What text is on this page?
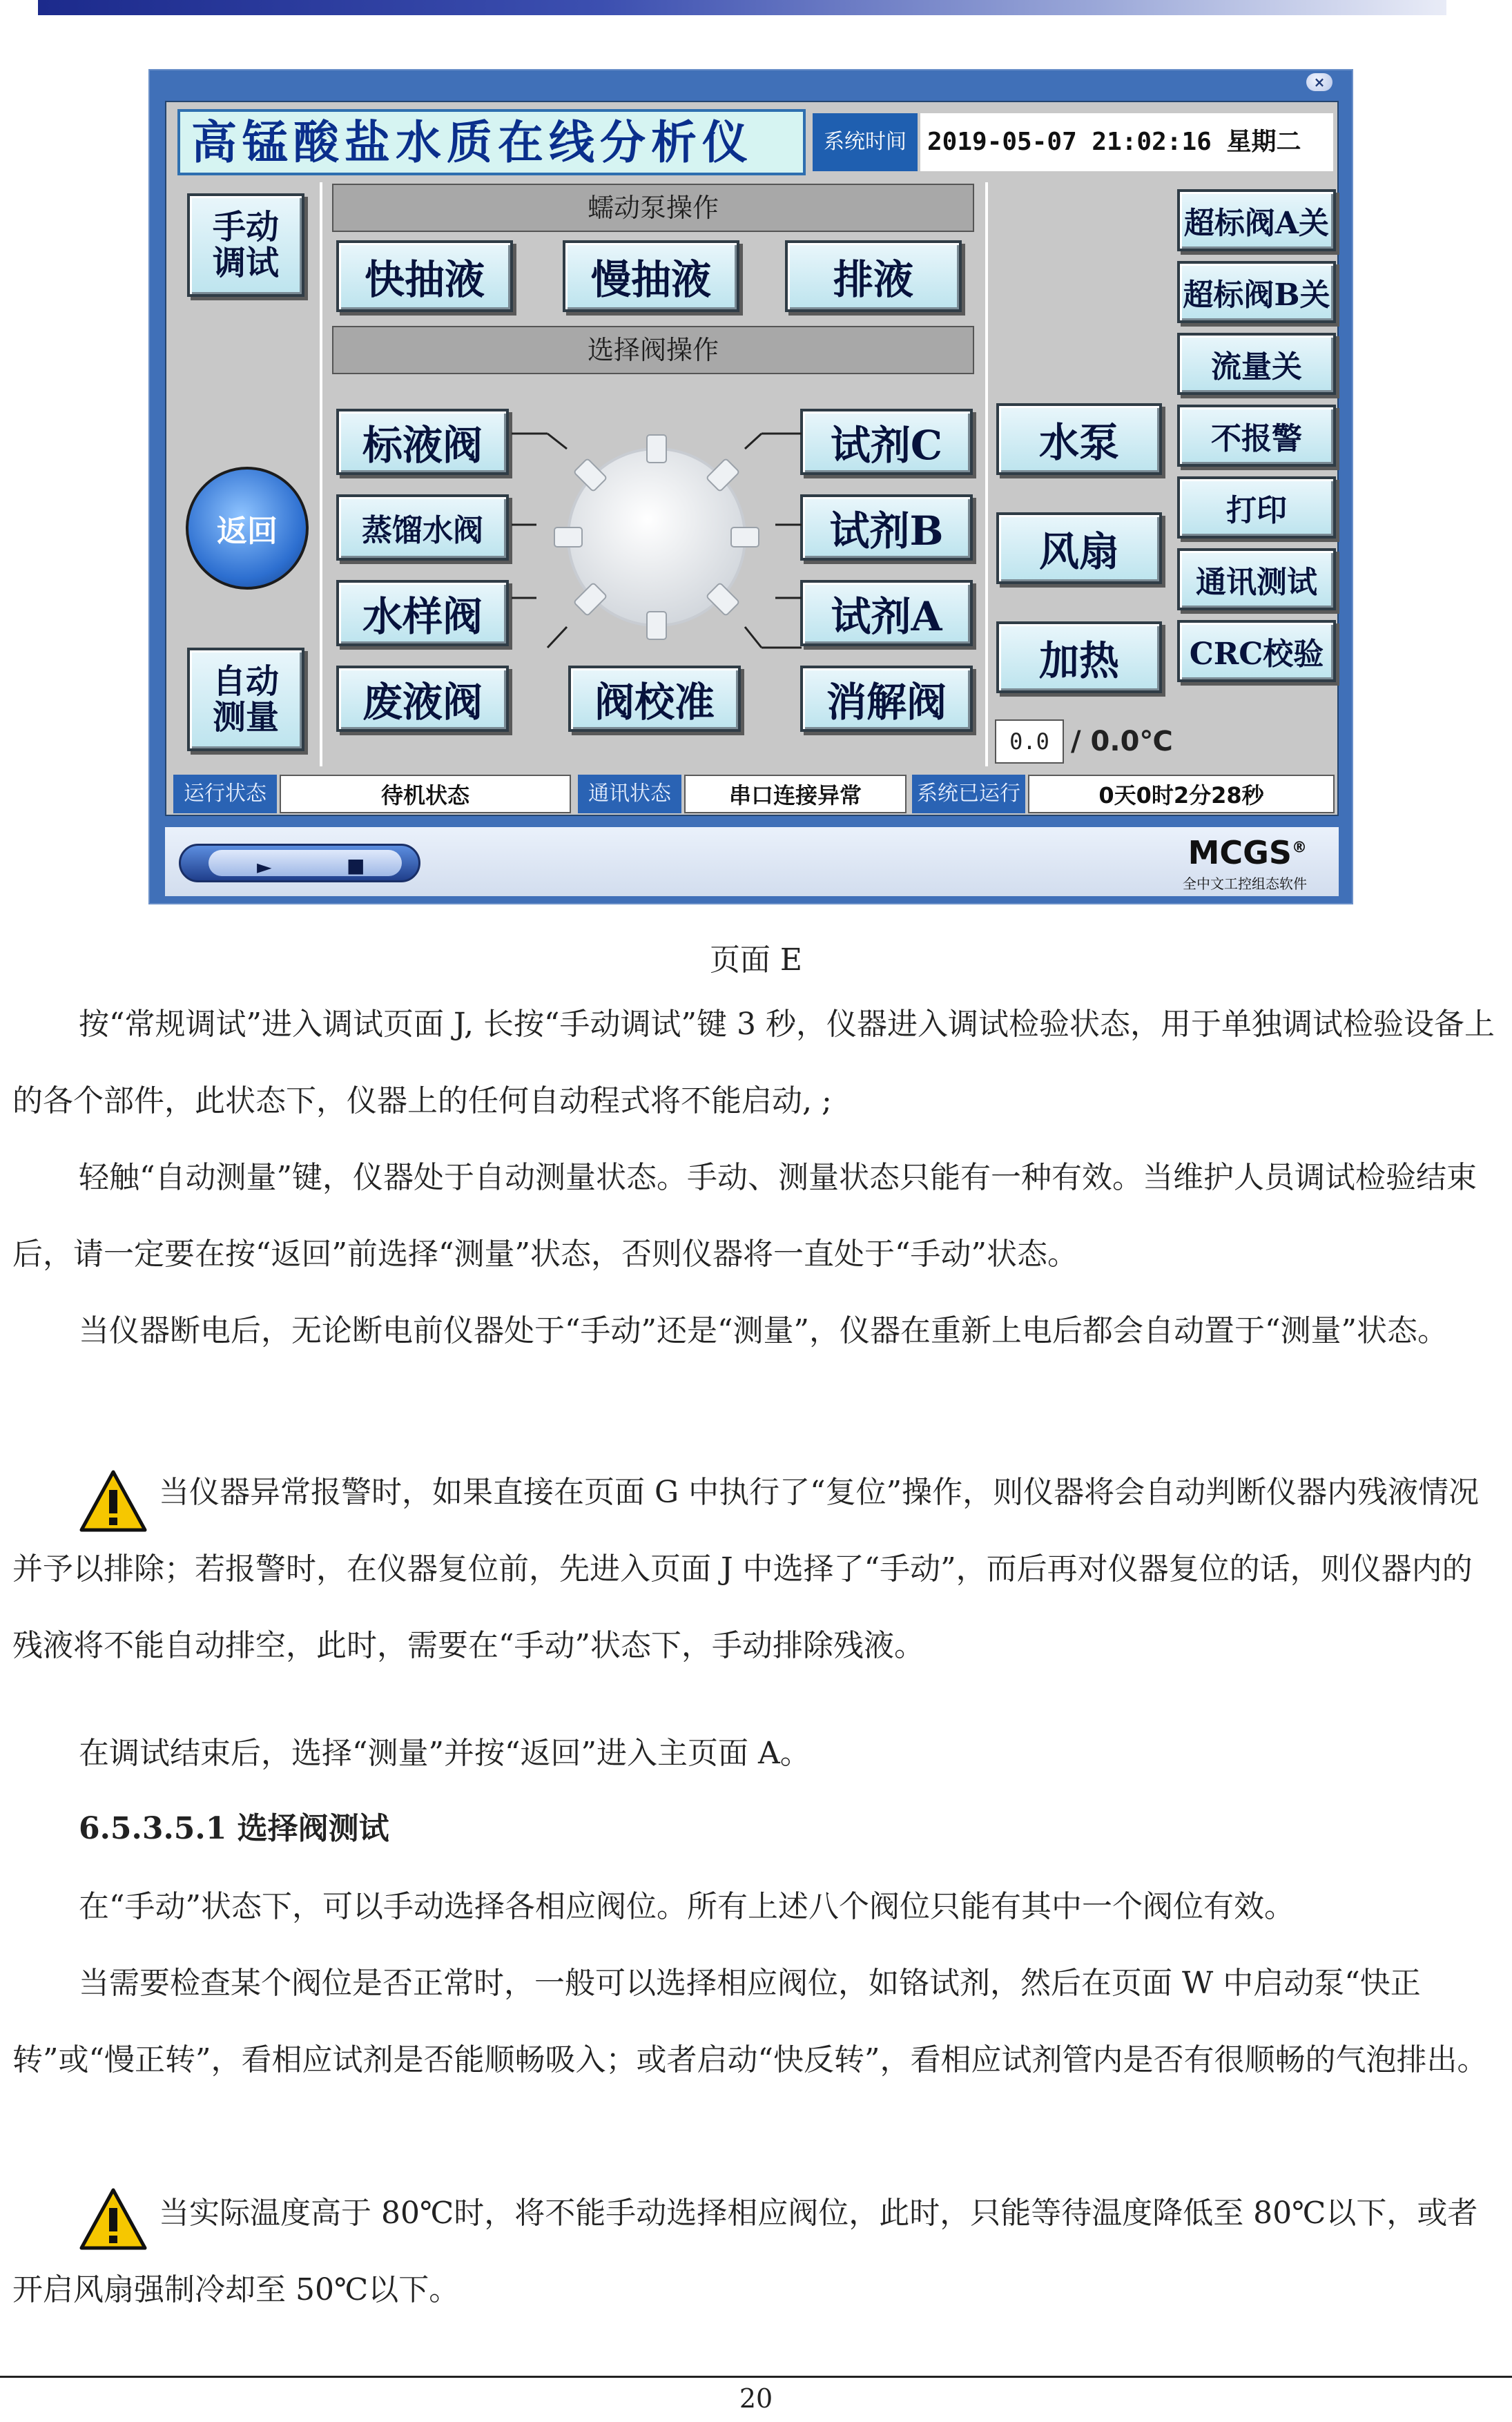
×
高锰酸盐水质在线分析仪	系统时间 2019-05-07 21:02:16 星期二
手动调试
返回
自动测量
蠕动泵操作
快抽液	慢抽液	排液
选择阀操作
标液阀
蒸馏水阀
水样阀
废液阀	阀校准
试剂C
试剂B
试剂A
消解阀
水泵
风扇
加热
超标阀A关
超标阀B关
流量关
不报警
打印
通讯测试
CRC校验
0.0 / 0.0℃
运行状态	待机状态	通讯状态	串口连接异常	系统已运行	0天0时2分28秒
►	■	MCGS®
全中文工控组态软件
页面 E
按“常规调试”进入调试页面 J, 长按“手动调试”键 3 秒，仪器进入调试检验状态，用于单独调试检验设备上的各个部件，此状态下，仪器上的任何自动程式将不能启动, ;
轻触“自动测量”键，仪器处于自动测量状态。手动、测量状态只能有一种有效。当维护人员调试检验结束后，请一定要在按“返回”前选择“测量”状态，否则仪器将一直处于“手动”状态。
当仪器断电后，无论断电前仪器处于“手动”还是“测量”，仪器在重新上电后都会自动置于“测量”状态。
当仪器异常报警时，如果直接在页面 G 中执行了“复位”操作，则仪器将会自动判断仪器内残液情况并予以排除；若报警时，在仪器复位前，先进入页面 J 中选择了“手动”，而后再对仪器复位的话，则仪器内的残液将不能自动排空，此时，需要在“手动”状态下，手动排除残液。
在调试结束后，选择“测量”并按“返回”进入主页面 A。
6.5.3.5.1 选择阀测试
在“手动”状态下，可以手动选择各相应阀位。所有上述八个阀位只能有其中一个阀位有效。
当需要检查某个阀位是否正常时，一般可以选择相应阀位，如铬试剂，然后在页面 W 中启动泵“快正转”或“慢正转”，看相应试剂是否能顺畅吸入；或者启动“快反转”，看相应试剂管内是否有很顺畅的气泡排出。
当实际温度高于 80℃时，将不能手动选择相应阀位，此时，只能等待温度降低至 80℃以下，或者开启风扇强制冷却至 50℃以下。
20
